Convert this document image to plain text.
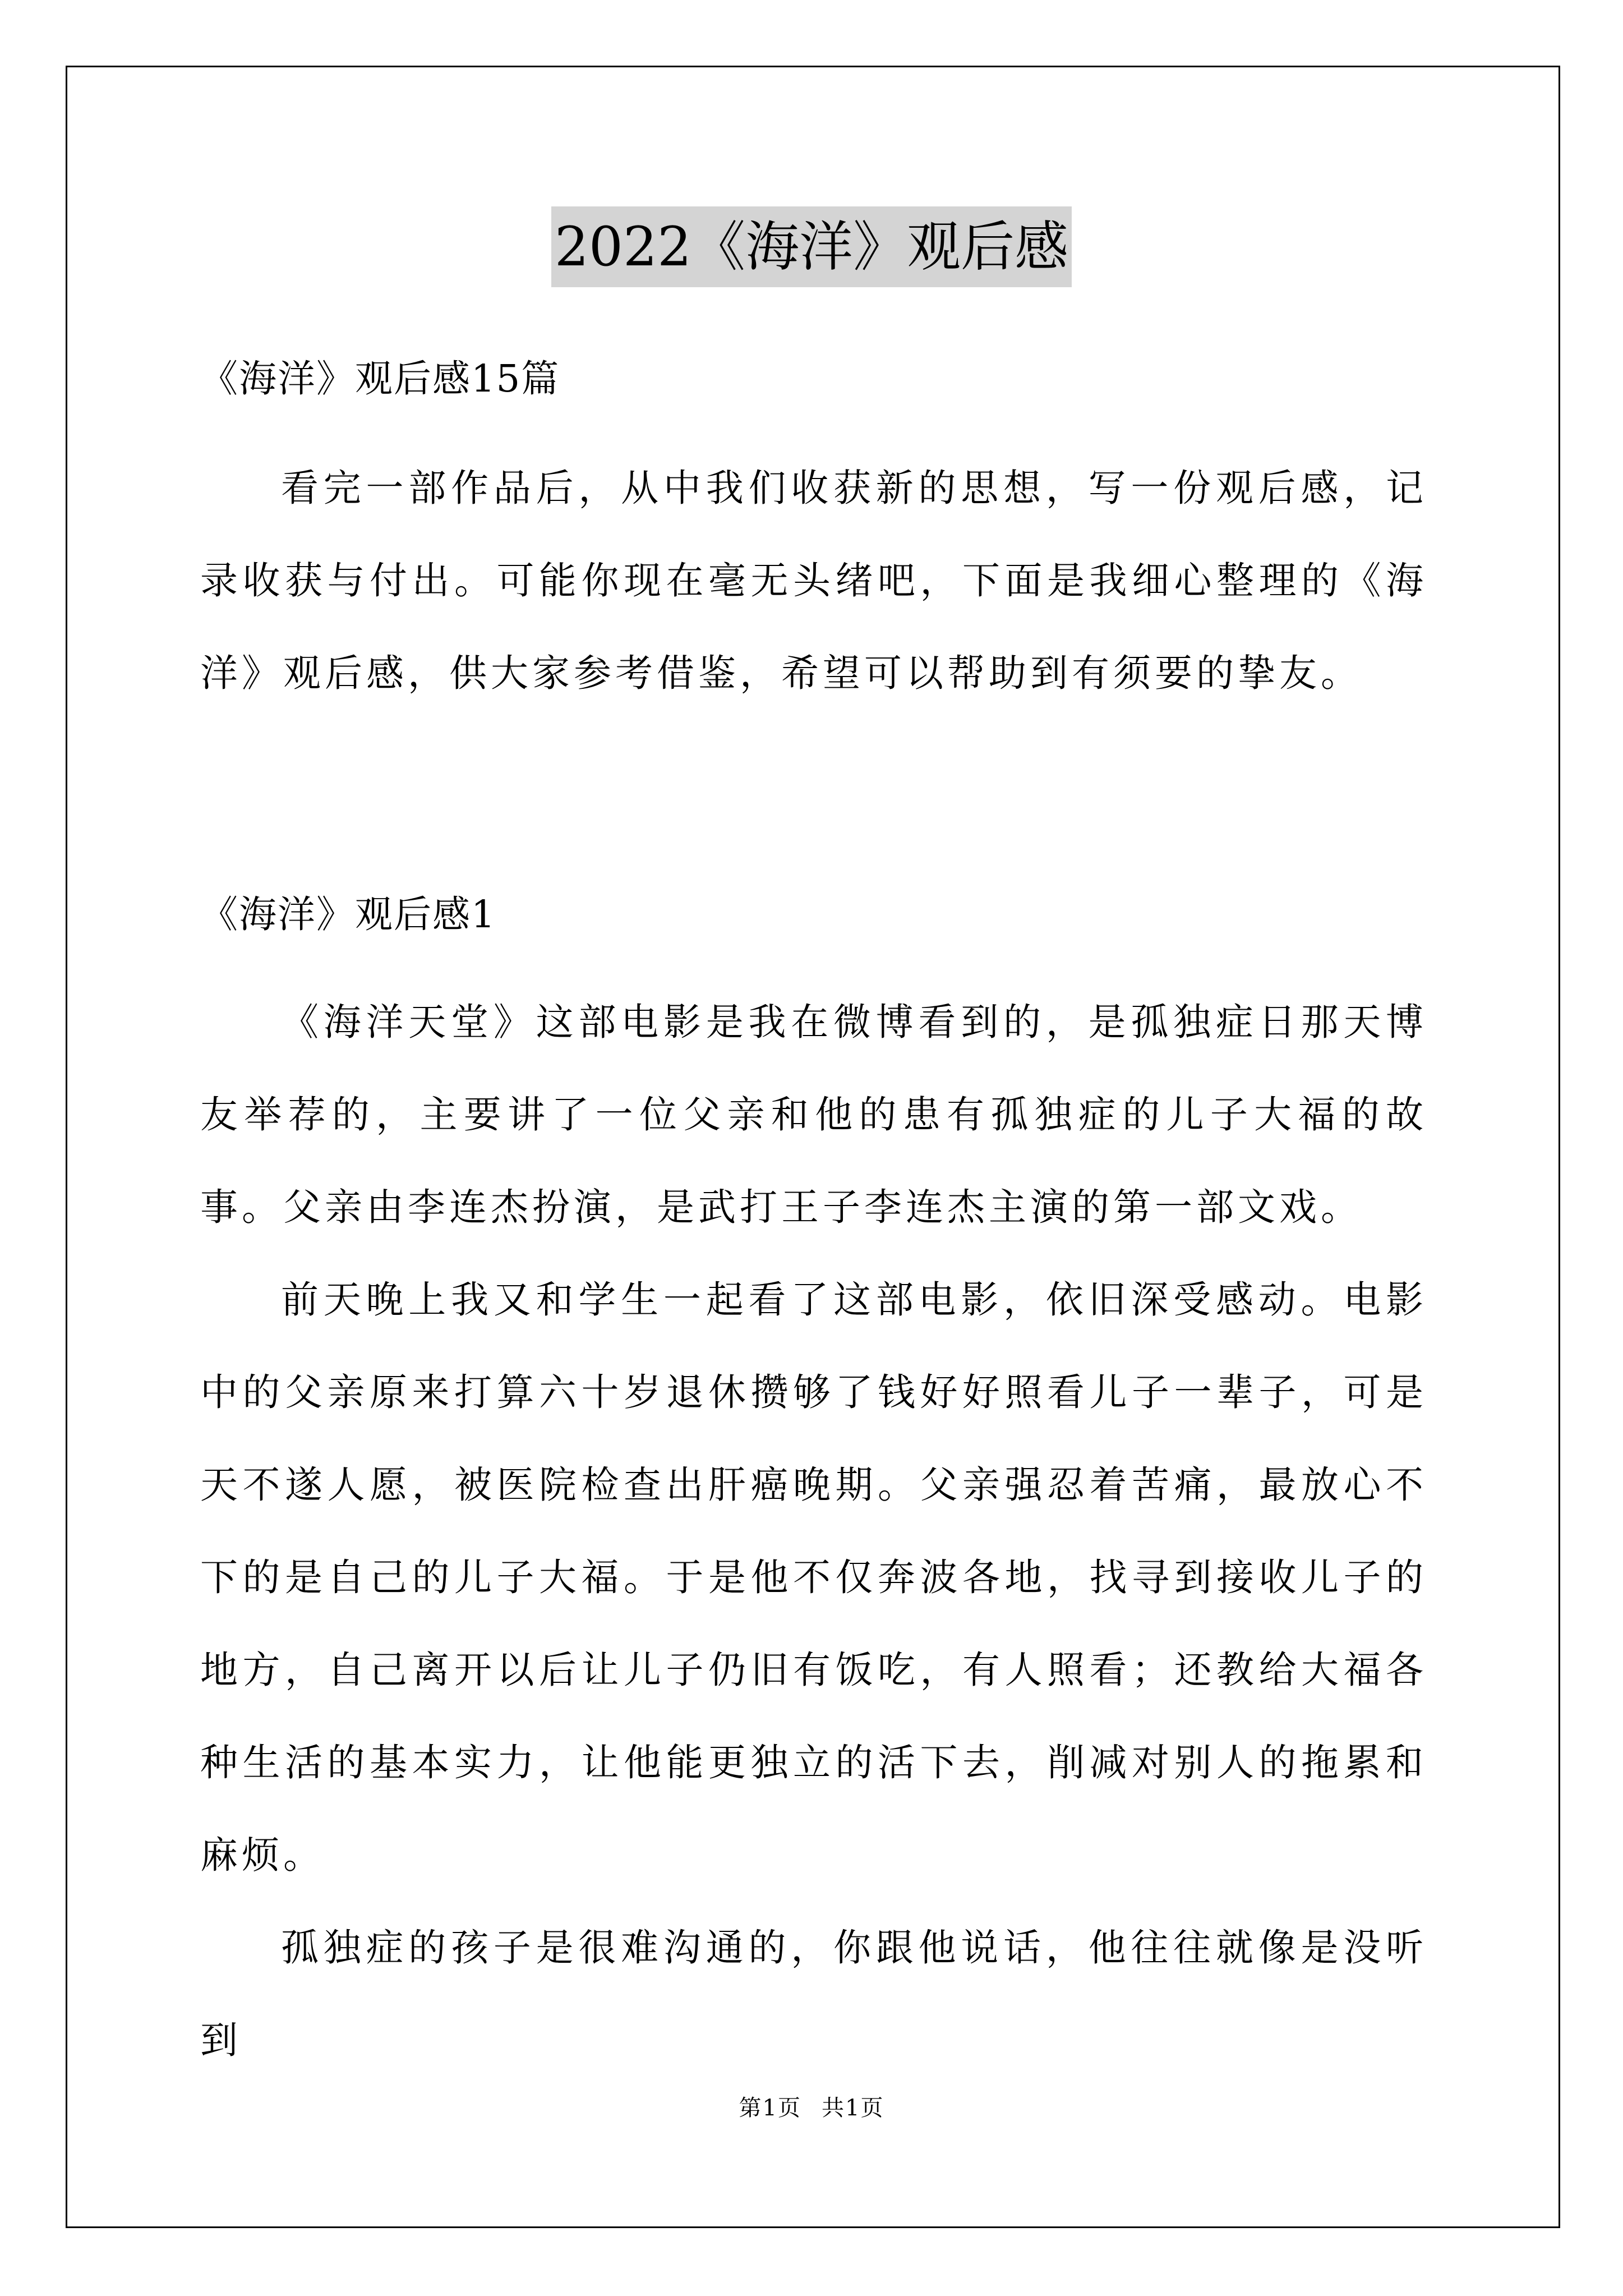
2022《海洋》观后感
《海洋》观后感15篇

看完一部作品后，从中我们收获新的思想，写一份观后感，记录收获与付出。可能你现在毫无头绪吧，下面是我细心整理的《海洋》观后感，供大家参考借鉴，希望可以帮助到有须要的挚友。

《海洋》观后感1

《海洋天堂》这部电影是我在微博看到的，是孤独症日那天博友举荐的，主要讲了一位父亲和他的患有孤独症的儿子大福的故事。父亲由李连杰扮演，是武打王子李连杰主演的第一部文戏。

前天晚上我又和学生一起看了这部电影，依旧深受感动。电影中的父亲原来打算六十岁退休攒够了钱好好照看儿子一辈子，可是天不遂人愿，被医院检查出肝癌晚期。父亲强忍着苦痛，最放心不下的是自己的儿子大福。于是他不仅奔波各地，找寻到接收儿子的地方，自己离开以后让儿子仍旧有饭吃，有人照看；还教给大福各种生活的基本实力，让他能更独立的活下去，削减对别人的拖累和麻烦。

孤独症的孩子是很难沟通的，你跟他说话，他往往就像是没听到

第1页 共1页
